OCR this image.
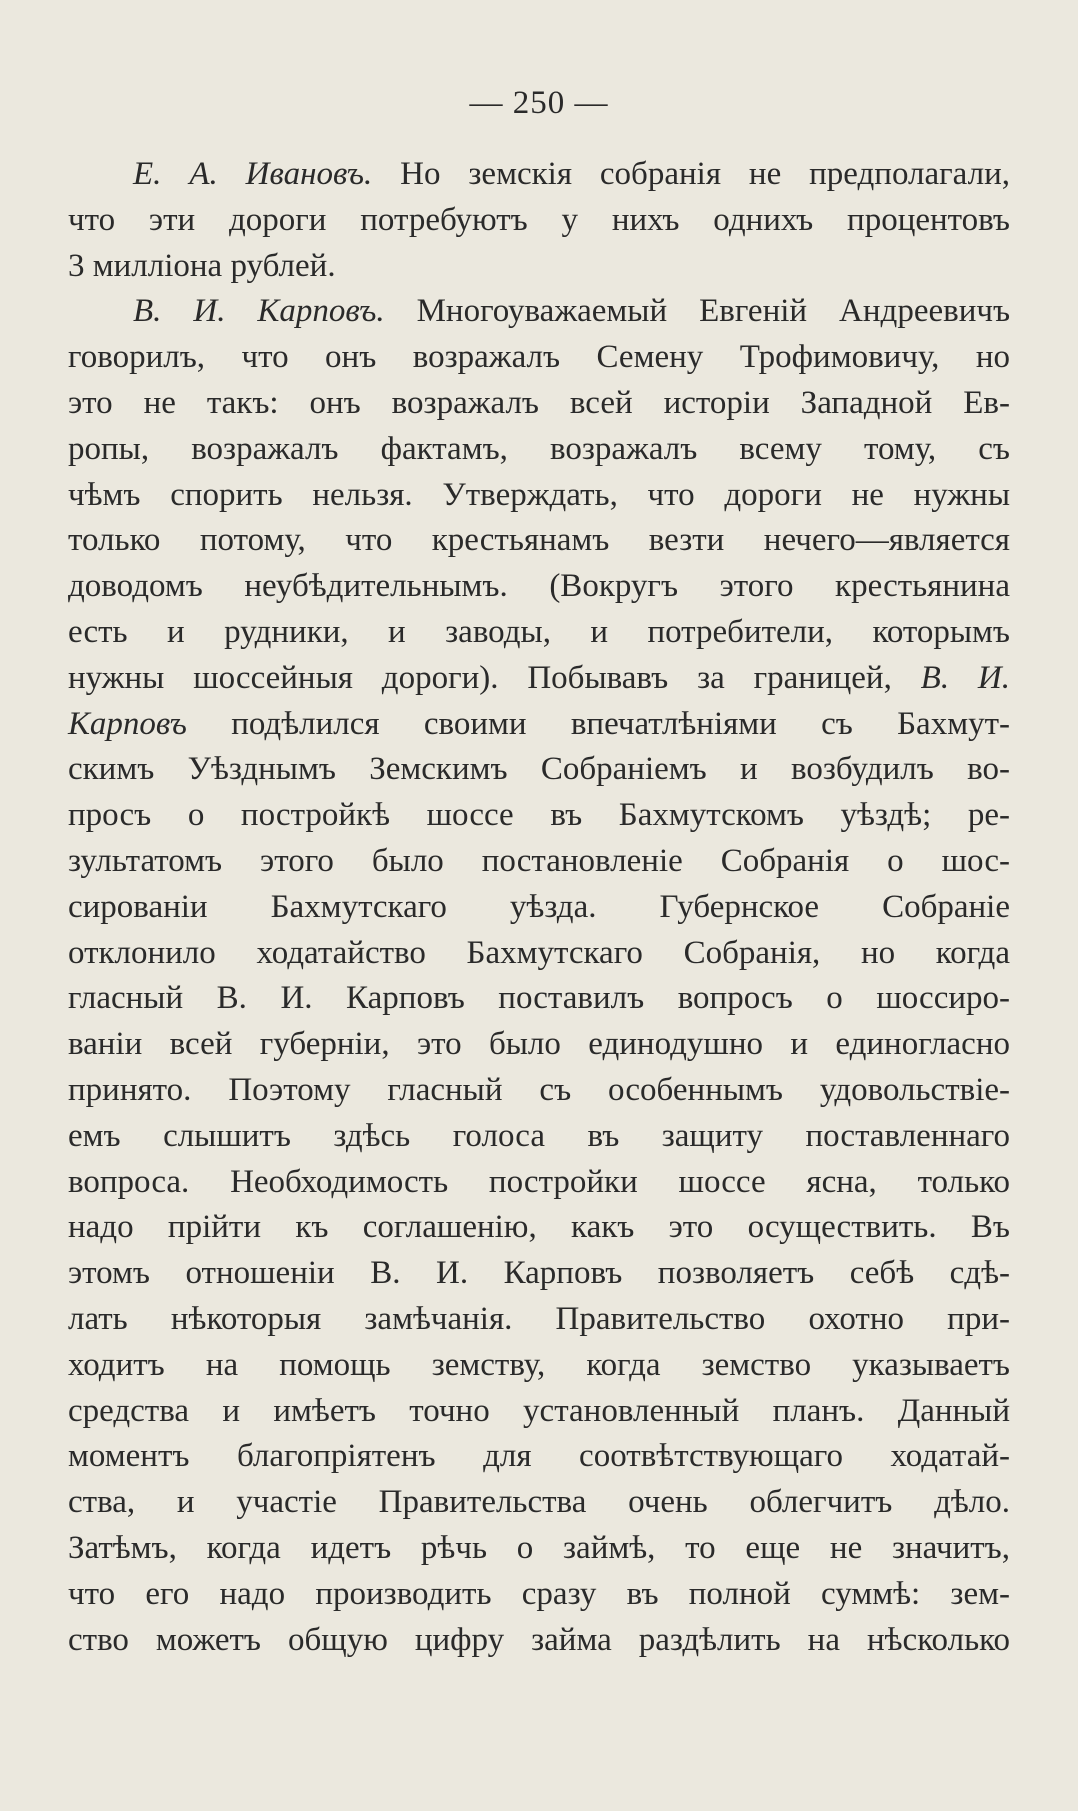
— 250 —
Е. А. Ивановъ. Но земскія собранія не предполагали,
что эти дороги потребуютъ у нихъ однихъ процентовъ
3 милліона рублей.
В. И. Карповъ. Многоуважаемый Евгеній Андреевичъ
говорилъ, что онъ возражалъ Семену Трофимовичу, но
это не такъ: онъ возражалъ всей исторіи Западной Ев-
ропы, возражалъ фактамъ, возражалъ всему тому, съ
чѣмъ спорить нельзя. Утверждать, что дороги не нужны
только потому, что крестьянамъ везти нечего—является
доводомъ неубѣдительнымъ. (Вокругъ этого крестьянина
есть и рудники, и заводы, и потребители, которымъ
нужны шоссейныя дороги). Побывавъ за границей, В. И.
Карповъ подѣлился своими впечатлѣніями съ Бахмут-
скимъ Уѣзднымъ Земскимъ Собраніемъ и возбудилъ во-
просъ о постройкѣ шоссе въ Бахмутскомъ уѣздѣ; ре-
зультатомъ этого было постановленіе Собранія о шос-
сированіи Бахмутскаго уѣзда. Губернское Собраніе
отклонило ходатайство Бахмутскаго Собранія, но когда
гласный В. И. Карповъ поставилъ вопросъ о шоссиро-
ваніи всей губерніи, это было единодушно и единогласно
принято. Поэтому гласный съ особеннымъ удовольствіе-
емъ слышитъ здѣсь голоса въ защиту поставленнаго
вопроса. Необходимость постройки шоссе ясна, только
надо прійти къ соглашенію, какъ это осуществить. Въ
этомъ отношеніи В. И. Карповъ позволяетъ себѣ сдѣ-
лать нѣкоторыя замѣчанія. Правительство охотно при-
ходитъ на помощь земству, когда земство указываетъ
средства и имѣетъ точно установленный планъ. Данный
моментъ благопріятенъ для соотвѣтствующаго ходатай-
ства, и участіе Правительства очень облегчитъ дѣло.
Затѣмъ, когда идетъ рѣчь о займѣ, то еще не значитъ,
что его надо производить сразу въ полной суммѣ: зем-
ство можетъ общую цифру займа раздѣлить на нѣсколько
